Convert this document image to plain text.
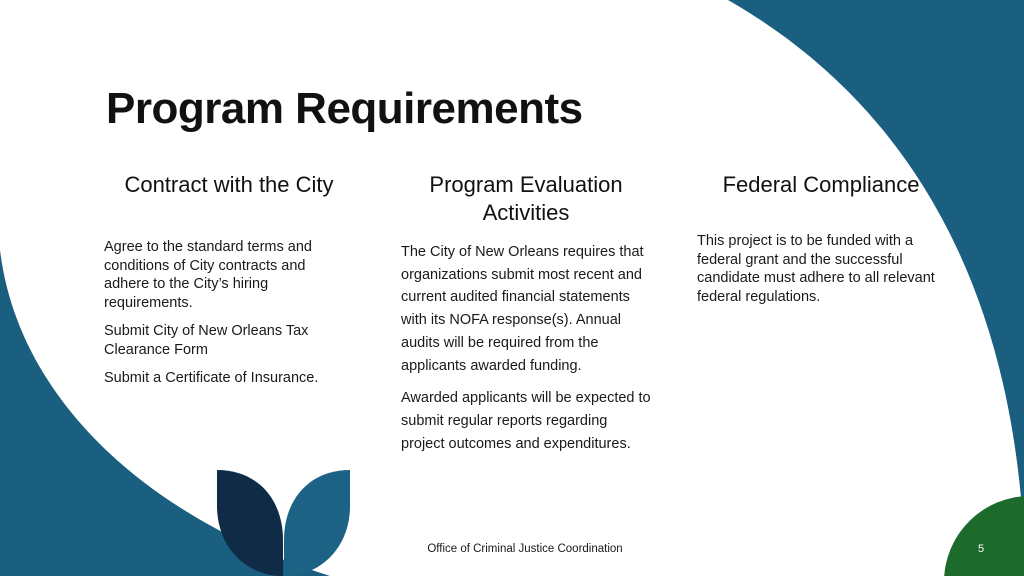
Program Requirements
Contract with the City	Program Evaluation Activities
Federal Compliance

Agree to the standard terms and conditions of City contracts and adhere to the City’s hiring requirements.

Submit City of New Orleans Tax Clearance Form

Submit a Certificate of Insurance.

The City of New Orleans requires that organizations submit most recent and current audited financial statements with its NOFA response(s). Annual audits will be required from the applicants awarded funding.

Awarded applicants will be expected to submit regular reports regarding project outcomes and expenditures.

This project is to be funded with a federal grant and the successful candidate must adhere to all relevant federal regulations.

Office of Criminal Justice Coordination	5
